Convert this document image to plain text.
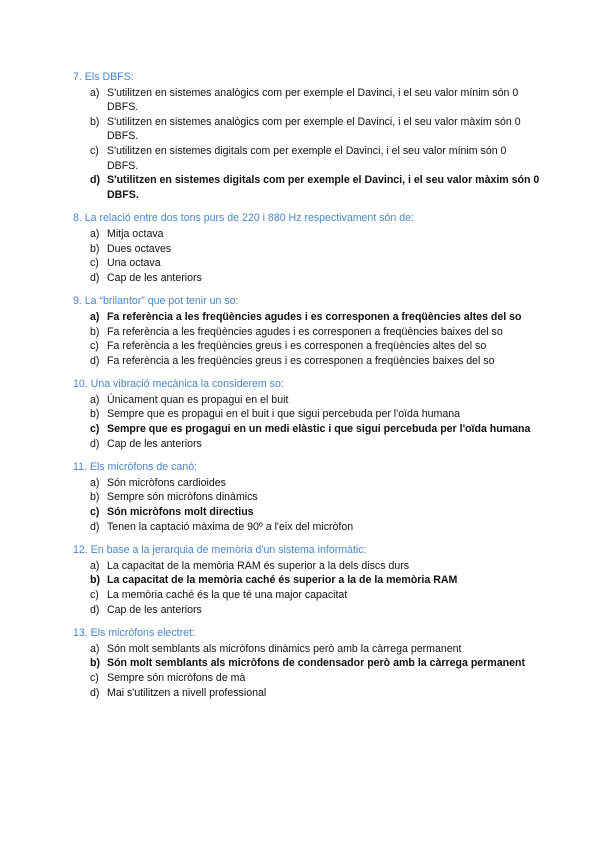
7. Els DBFS:
a) S'utilitzen en sistemes analògics com per exemple el Davinci, i el seu valor mínim són 0 DBFS.
b) S'utilitzen en sistemes analògics com per exemple el Davinci, i el seu valor màxim són 0 DBFS.
c) S'utilitzen en sistemes digitals com per exemple el Davinci, i el seu valor mínim són 0 DBFS.
d) S'utilitzen en sistemes digitals com per exemple el Davinci, i el seu valor màxim són 0 DBFS.
8. La relació entre dos tons purs de 220 i 880 Hz respectivament són de:
a) Mitja octava
b) Dues octaves
c) Una octava
d) Cap de les anteriors
9. La “brilantor” que pot tenir un so:
a) Fa referència a les freqüències agudes i es corresponen a freqüències altes del so
b) Fa referència a les freqüències agudes i es corresponen a freqüències baixes del so
c) Fa referència a les freqüències greus i es corresponen a freqüències altes del so
d) Fa referència a les freqüències greus i es corresponen a freqüències baixes del so
10. Una vibració mecànica la considerem so:
a) Únicament quan es propagui en el buit
b) Sempre que es propagui en el buit i que sigui percebuda per l'oïda humana
c) Sempre que es progagui en un medi elàstic i que sigui percebuda per l'oïda humana
d) Cap de les anteriors
11. Els micròfons de canó:
a) Són micròfons cardioides
b) Sempre són micròfons dinàmics
c) Són micròfons molt directius
d) Tenen la captació màxima de 90º a l'eix del micròfon
12. En base a la jerarquia de memòria d'un sistema informàtic:
a) La capacitat de la memòria RAM és superior a la dels discs durs
b) La capacitat de la memòria caché és superior a la de la memòria RAM
c) La memòria caché és la que té una major capacitat
d) Cap de les anteriors
13. Els micròfons electret:
a) Són molt semblants als micròfons dinàmics però amb la càrrega permanent
b) Són molt semblants als micròfons de condensador però amb la càrrega permanent
c) Sempre són micròfons de mà
d) Mai s'utilitzen a nivell professional
